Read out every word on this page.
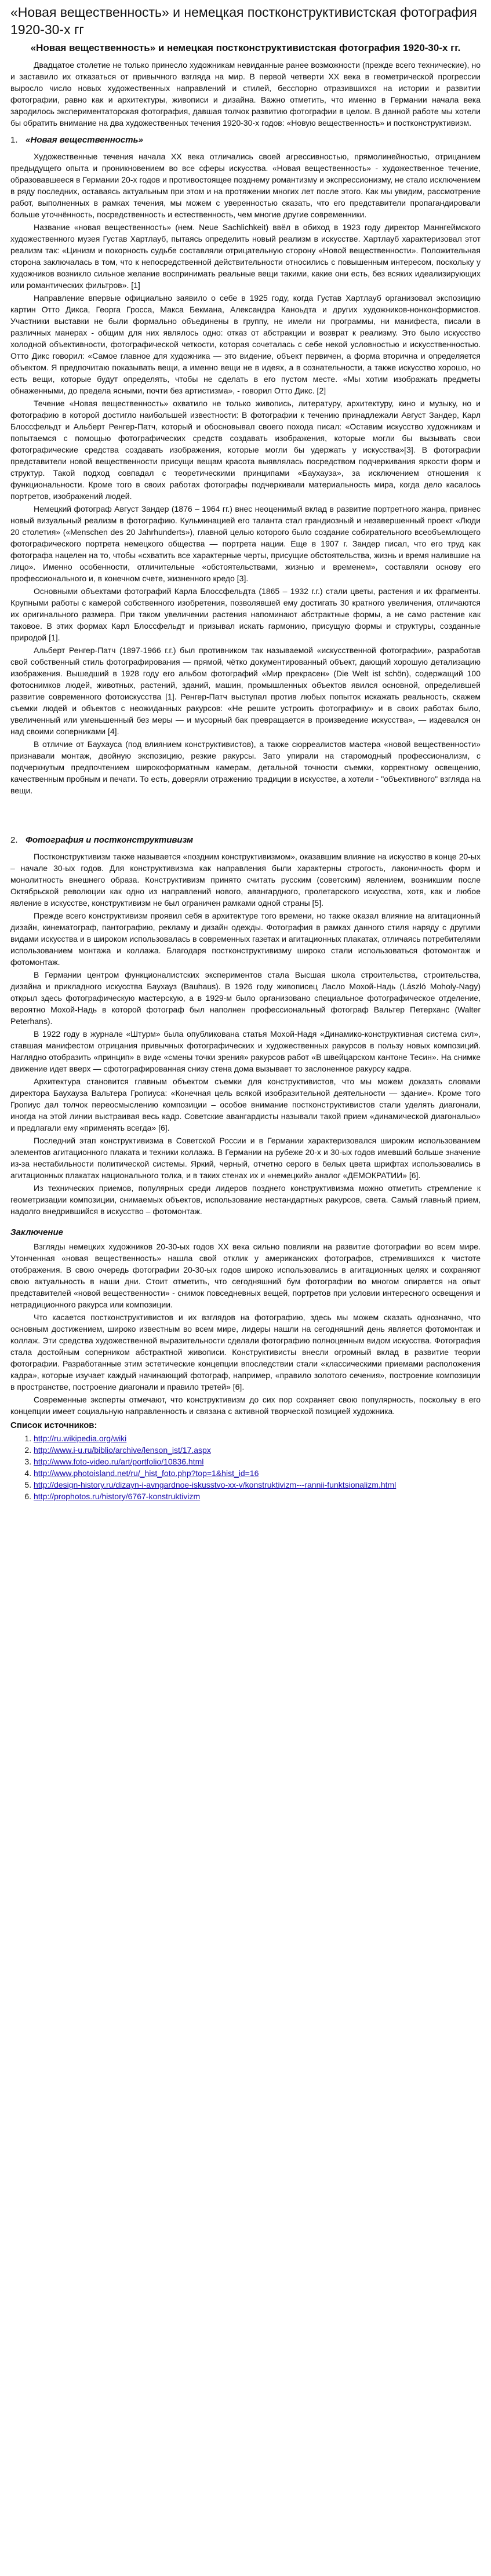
«Новая вещественность» и немецкая постконструктивистская фотография 1920-30-х гг
«Новая вещественность» и немецкая постконструктивистская фотография 1920-30-х гг.

Двадцатое столетие не только принесло художникам невиданные ранее возможности (прежде всего технические), но и заставило их отказаться от привычного взгляда на мир. В первой четверти XX века в геометрической прогрессии выросло число новых художественных направлений и стилей, бесспорно отразившихся на истории и развитии фотографии, равно как и архитектуры, живописи и дизайна. Важно отметить, что именно в Германии начала века зародилось экспериментаторская фотография, давшая толчок развитию фотографии в целом. В данной работе мы хотели бы обратить внимание на два художественных течения 1920-30-х годов: «Новую вещественность» и постконструктивизм.

1. «Новая вещественность»

Художественные течения начала XX века отличались своей агрессивностью, прямолинейностью, отрицанием предыдущего опыта и проникновением во все сферы искусства. «Новая вещественность» - художественное течение, образовавшееся в Германии 20-х годов и противостоящее позднему романтизму и экспрессионизму, не стало исключением в ряду последних, оставаясь актуальным при этом и на протяжении многих лет после этого. Как мы увидим, рассмотрение работ, выполненных в рамках течения, мы можем с уверенностью сказать, что его представители пропагандировали больше уточнённость, посредственность и естественность, чем многие другие современники.

Название «новая вещественность» (нем. Neue Sachlichkeit) ввёл в обиход в 1923 году директор Маннгеймского художественного музея Густав Хартлауб, пытаясь определить новый реализм в искусстве. Хартлауб характеризовал этот реализм так: «Цинизм и покорность судьбе составляли отрицательную сторону «Новой вещественности». Положительная сторона заключалась в том, что к непосредственной действительности относились с повышенным интересом, поскольку у художников возникло сильное желание воспринимать реальные вещи такими, какие они есть, без всяких идеализирующих или романтических фильтров». [1]

Направление впервые официально заявило о себе в 1925 году, когда Густав Хартлауб организовал экспозицию картин Отто Дикса, Георга Гросса, Макса Бекмана, Александра Каноьдта и других художников-нонконформистов. Участники выставки не были формально объединены в группу, не имели ни программы, ни манифеста, писали в различных манерах - общим для них являлось одно: отказ от абстракции и возврат к реализму. Это было искусство холодной объективности, фотографической четкости, которая сочеталась с себе некой условностью и искусственностью. Отто Дикс говорил: «Самое главное для художника — это видение, объект первичен, а форма вторична и определяется объектом. Я предпочитаю показывать вещи, а именно вещи не в идеях, а в сознательности, а также искусство хорошо, но есть вещи, которые будут определять, чтобы не сделать в его пустом месте. «Мы хотим изображать предметы обнаженными, до предела ясными, почти без артистизма», - говорил Отто Дикс. [2]

Течение «Новая вещественность» охватило не только живопись, литературу, архитектуру, кино и музыку, но и фотографию в которой достигло наибольшей известности: В фотографии к течению принадлежали Август Зандер, Карл Блоссфельдт и Альберт Ренгер-Патч, который и обосновывал своего похода писал: «Оставим искусство художникам и попытаемся с помощью фотографических средств создавать изображения, которые могли бы вызывать свои фотографические средства создавать изображения, которые могли бы удержать у искусства»[3]. В фотографии представители новой вещественности присущи вещам красота выявлялась посредством подчеркивания яркости форм и структур. Такой подход совпадал с теоретическими принципами «Баухауза», за исключением отношения к функциональности. Кроме того в своих работах фотографы подчеркивали материальность мира, когда дело касалось портретов, изображений людей.

Немецкий фотограф Август Зандер (1876 – 1964 гг.) внес неоценимый вклад в развитие портретного жанра, привнес новый визуальный реализм в фотографию. Кульминацией его таланта стал грандиозный и незавершенный проект «Люди 20 столетия» («Menschen des 20 Jahrhunderts»), главной целью которого было создание собирательного всеобъемлющего фотографического портрета немецкого общества — портрета нации. Еще в 1907 г. Зандер писал, что его труд как фотографа нацелен на то, чтобы «схватить все характерные черты, присущие обстоятельства, жизнь и время налившие на лицо». Именно особенности, отличительные «обстоятельствами, жизнью и временем», составляли основу его профессионального и, в конечном счете, жизненного кредо [3].

Основными объектами фотографий Карла Блоссфельдта (1865 – 1932 г.г.) стали цветы, растения и их фрагменты. Крупными работы с камерой собственного изобретения, позволявшей ему достигать 30 кратного увеличения, отличаются их оригинального размера. При таком увеличении растения напоминают абстрактные формы, а не само растение как таковое. В этих формах Карл Блоссфельдт и призывал искать гармонию, присущую формы и структуры, созданные природой [1].

Альберт Ренгер-Патч (1897-1966 г.г.) был противником так называемой «искусственной фотографии», разработав свой собственный стиль фотографирования — прямой, чётко документированный объект, дающий хорошую детализацию изображения. Вышедший в 1928 году его альбом фотографий «Мир прекрасен» (Die Welt ist schön), содержащий 100 фотоснимков людей, животных, растений, зданий, машин, промышленных объектов явился основной, определившей развитие современного фотоискусства [1]. Ренгер-Патч выступал против любых попыток искажать реальность, скажем съемки людей и объектов с неожиданных ракурсов: «Не решите устроить фотографику» и в своих работах было, увеличенный или уменьшенный без меры — и мусорный бак превращается в произведение искусства», — издевался он над своими соперниками [4].

В отличие от Баухауса (под влиянием конструктивистов), а также сюрреалистов мастера «новой вещественности» признавали монтаж, двойную экспозицию, резкие ракурсы. Зато упирали на старомодный профессионализм, с подчеркнутым предпочтением широкоформатным камерам, детальной точности съемки, корректному освещению, качественным пробным и печати. То есть, доверяли отражению традиции в искусстве, а хотели - "объективного" взгляда на вещи.

2. Фотография и постконструктивизм

Постконструктивизм также называется «поздним конструктивизмом», оказавшим влияние на искусство в конце 20-ых – начале 30-ых годов. Для конструктивизма как направления были характерны строгость, лаконичность форм и монолитность внешнего образа. Конструктивизм принято считать русским (советским) явлением, возникшим после Октябрьской революции как одно из направлений нового, авангардного, пролетарского искусства, хотя, как и любое явление в искусстве, конструктивизм не был ограничен рамками одной страны [5].

Прежде всего конструктивизм проявил себя в архитектуре того времени, но также оказал влияние на агитационный дизайн, кинематограф, пантографию, рекламу и дизайн одежды. Фотография в рамках данного стиля наряду с другими видами искусства и в широком использовалась в современных газетах и агитационных плакатах, отличаясь потребителями использованием монтажа и коллажа. Благодаря постконструктивизму широко стали использоваться фотомонтаж и фотомонтаж.

В Германии центром функционалистских экспериментов стала Высшая школа строительства, строительства, дизайна и прикладного искусства Баухауз (Bauhaus). В 1926 году живописец Ласло Мохой-Надь (László Moholy-Nagy) открыл здесь фотографическую мастерскую, а в 1929-м было организовано специальное фотографическое отделение, вероятно Мохой-Надь в которой фотограф был наполнен профессиональный фотограф Вальтер Петерханс (Walter Peterhans).

В 1922 году в журнале «Штурм» была опубликована статья Мохой-Надя «Динамико-конструктивная система сил», ставшая манифестом отрицания привычных фотографических и художественных ракурсов в пользу новых композиций. Наглядно отобразить «принцип» в виде «смены точки зрения» ракурсов работ «В швейцарском кантоне Тесин». На снимке движение идет вверх — сфотографированная снизу стена дома вызывает то заслоненное ракурсу кадра.

Архитектура становится главным объектом съемки для конструктивистов, что мы можем доказать словами директора Баухауза Вальтера Гропиуса: «Конечная цель всякой изобразительной деятельности — здание». Кроме того Гропиус дал толчок переосмыслению композиции – особое внимание постконструктивистов стали уделять диагонали, иногда на этой линии выстраивая весь кадр. Советские авангардисты называли такой прием «динамической диагональю» и предлагали ему «применять всегда» [6].

Последний этап конструктивизма в Советской России и в Германии характеризовался широким использованием элементов агитационного плаката и техники коллажа. В Германии на рубеже 20-х и 30-ых годов имевший больше значение из-за нестабильности политической системы. Яркий, черный, отчетно серого в белых цвета шрифтах использовались в агитационных плакатах национального толка, и в таких стенах их и «немецкий» аналог «ДЕМОКРАТИИ» [6].

Из технических приемов, популярных среди лидеров позднего конструктивизма можно отметить стремление к геометризации композиции, снимаемых объектов, использование нестандартных ракурсов, света. Самый главный прием, надолго внедрившийся в искусство – фотомонтаж.

Заключение

Взгляды немецких художников 20-30-ых годов XX века сильно повлияли на развитие фотографии во всем мире. Утонченная «новая вещественность» нашла свой отклик у американских фотографов, стремившихся к чистоте отображения. В свою очередь фотографии 20-30-ых годов широко использовались в агитационных целях и сохраняют свою актуальность в наши дни. Стоит отметить, что сегодняшний бум фотографии во многом опирается на опыт представителей «новой вещественности» - снимок повседневных вещей, портретов при условии интересного освещения и нетрадиционного ракурса или композиции.

Что касается постконструктивистов и их взглядов на фотографию, здесь мы можем сказать однозначно, что основным достижением, широко известным во всем мире, лидеры нашли на сегодняшний день является фотомонтаж и коллаж. Эти средства художественной выразительности сделали фотографию полноценным видом искусства. Фотография стала достойным соперником абстрактной живописи. Конструктивисты внесли огромный вклад в развитие теории фотографии. Разработанные этим эстетические концепции впоследствии стали «классическими приемами расположения кадра», которые изучает каждый начинающий фотограф, например, «правило золотого сечения», построение композиции в пространстве, построение диагонали и правило третей» [6].

Современные эксперты отмечают, что конструктивизм до сих пор сохраняет свою популярность, поскольку в его концепции имеет социальную направленность и связана с активной творческой позицией художника.

Список источников:
1. http://ru.wikipedia.org/wiki
2. http://www.i-u.ru/biblio/archive/lenson_ist/17.aspx
3. http://www.foto-video.ru/art/portfolio/10836.html
4. http://www.photoisland.net/ru/_hist_foto.php?top=1&hist_id=16
5. http://design-history.ru/dizayn-i-avngardnoe-iskusstvo-xx-v/konstruktivizm---rannii-funktsionalizm.html
6. http://prophotos.ru/history/6767-konstruktivizm
